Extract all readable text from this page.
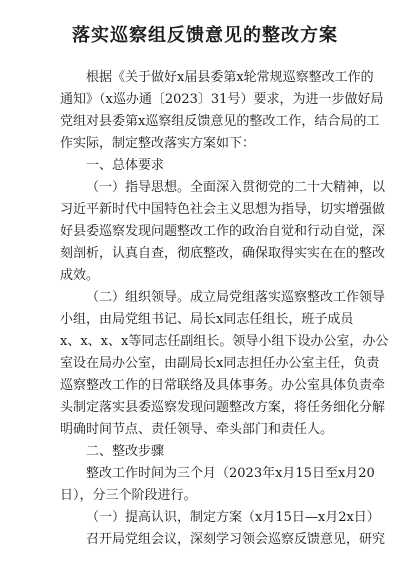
落实巡察组反馈意见的整改方案
根据《关于做好x届县委第x轮常规巡察整改工作的
通知》（x巡办通〔2023〕31号）要求，为进一步做好局
党组对县委第x巡察组反馈意见的整改工作，结合局的工
作实际，制定整改落实方案如下：
一、总体要求
（一）指导思想。全面深入贯彻党的二十大精神，以
习近平新时代中国特色社会主义思想为指导，切实增强做
好县委巡察发现问题整改工作的政治自觉和行动自觉，深
刻剖析，认真自查，彻底整改，确保取得实实在在的整改
成效。
（二）组织领导。成立局党组落实巡察整改工作领导
小组，由局党组书记、局长x同志任组长，班子成员
x、x、x、x等同志任副组长。领导小组下设办公室，办公
室设在局办公室，由副局长x同志担任办公室主任，负责
巡察整改工作的日常联络及具体事务。办公室具体负责牵
头制定落实县委巡察发现问题整改方案，将任务细化分解
明确时间节点、责任领导、牵头部门和责任人。
二、整改步骤
整改工作时间为三个月（2023年x月15日至x月20
日），分三个阶段进行。
（一）提高认识，制定方案（x月15日—x月2x日）
召开局党组会议，深刻学习领会巡察反馈意见，研究
